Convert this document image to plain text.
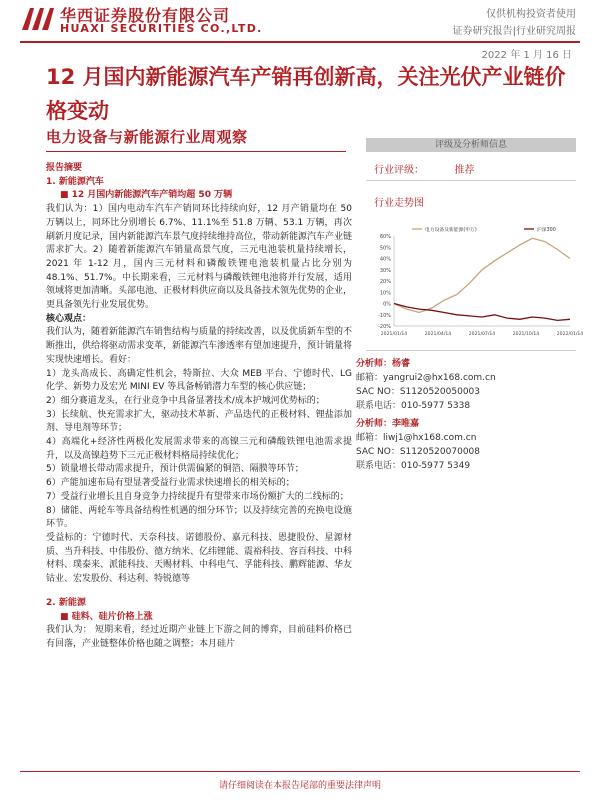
华西证券股份有限公司
HUAXI SECURITIES CO.,LTD.
仅供机构投资者使用
证券研究报告|行业研究周报
2022 年 1 月 16 日
12 月国内新能源汽车产销再创新高，关注光伏产业链价格变动
电力设备与新能源行业周观察

报告摘要

1. 新能源汽车

■ 12 月国内新能源汽车产销均超 50 万辆

我们认为：1）国内电动车汽车产销同环比持续向好，12 月产销量均在 50 万辆以上，同环比分别增长 6.7%、11.1%至 51.8 万辆、53.1 万辆，再次刷新月度记录，国内新能源汽车景气度持续维持高位，带动新能源汽车产业链需求扩大。2）随着新能源汽车销量高景气度，三元电池装机量持续增长，2021 年 1-12 月，国内三元材料和磷酸铁锂电池装机量占比分别为 48.1%、51.7%。中长期来看，三元材料与磷酸铁锂电池将并行发展，适用领域将更加清晰。头部电池、正极材料供应商以及具备技术领先优势的企业，更具备领先行业发展优势。

核心观点：

我们认为，随着新能源汽车销售结构与质量的持续改善，以及优质新车型的不断推出，供给将驱动需求变革，新能源汽车渗透率有望加速提升，预计销量将实现快速增长。看好：

1）龙头高成长、高确定性机会，特斯拉、大众 MEB 平台、宁德时代、LG 化学、新势力及宏光 MINI EV 等具备畅销潜力车型的核心供应链；

2）细分赛道龙头，在行业竞争中具备显著技术/成本护城河优势标的；

3）长续航、快充需求扩大，驱动技术革新、产品迭代的正极材料、锂盐添加剂、导电剂等环节；

4）高端化+经济性两极化发展需求带来的高镍三元和磷酸铁锂电池需求提升，以及高镍趋势下三元正极材料格局持续优化；

5）锁量增长带动需求提升，预计供需偏紧的铜箔、隔膜等环节；

6）产能加速布局有望显著受益行业需求快速增长的相关标的；

7）受益行业增长且自身竞争力持续提升有望带来市场份额扩大的二线标的；

8）储能、两轮车等具备结构性机遇的细分环节；以及持续完善的充换电设施环节。

受益标的：宁德时代、天奈科技、诺德股份、嘉元科技、恩捷股份、星源材质、当升科技、中伟股份、德方纳米、亿纬锂能、震裕科技、容百科技、中科材料、璞泰来、派能科技、天赐材料、中科电气、孚能科技、鹏辉能源、华友钴业、宏发股份、科达利、特锐德等

2. 新能源

■ 硅料、硅片价格上涨

我们认为： 短期来看，经过近期产业链上下游之间的博弈，目前硅料价格已有回落，产业链整体价格也随之调整；本月硅片

评级及分析师信息
行业评级：	推荐
行业走势图
60%
50%
40%
30%
20%
10%
0%
-10%
-20%
2021/01/14	2021/04/14	2021/07/14	2021/10/14	2022/01/14
电力设备及新能源(申万)	沪深300
分析师：杨睿
邮箱：yangrui2@hx168.com.cn
SAC NO：S1120520050003
联系电话：010-5977 5338
分析师：李唯嘉
邮箱：liwj1@hx168.com.cn
SAC NO：S1120520070008
联系电话：010-5977 5349
请仔细阅读在本报告尾部的重要法律声明
